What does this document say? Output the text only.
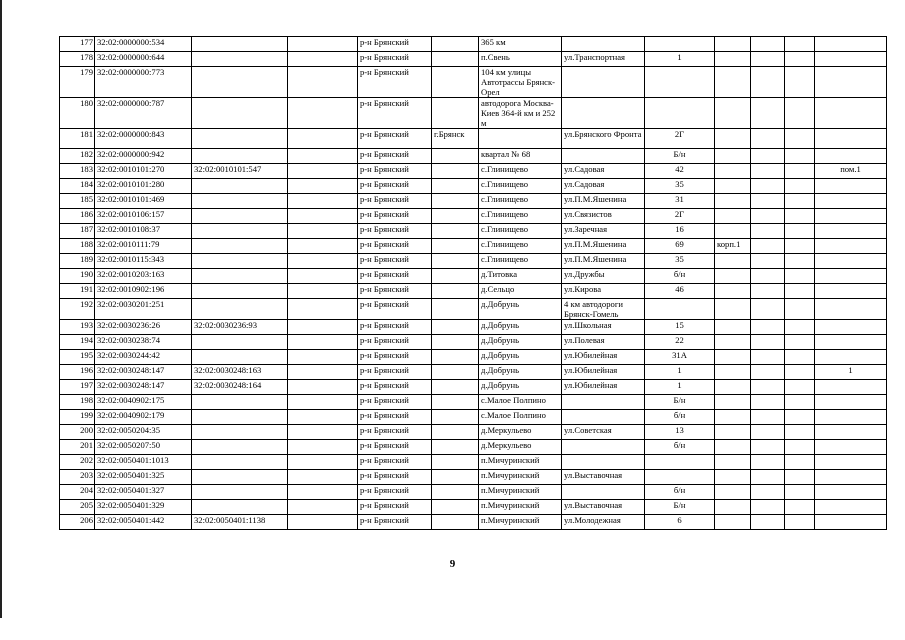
177	32:02:0000000:534			р-н Брянский		365 км						
178	32:02:0000000:644			р-н Брянский		п.Свень	ул.Транспортная	1				
179	32:02:0000000:773			р-н Брянский		104 км улицы Автотрассы Брянск-Орел						
180	32:02:0000000:787			р-н Брянский		автодорога Москва-Киев 364-й км и 252 м						
181	32:02:0000000:843			р-н Брянский	г.Брянск		ул.Брянского Фронта	2Г				
182	32:02:0000000:942			р-н Брянский		квартал № 68		Б/н				
183	32:02:0010101:270	32:02:0010101:547		р-н Брянский		с.Глинищево	ул.Садовая	42				пом.1
184	32:02:0010101:280			р-н Брянский		с.Глинищево	ул.Садовая	35				
185	32:02:0010101:469			р-н Брянский		с.Глинищево	ул.П.М.Яшенина	31				
186	32:02:0010106:157			р-н Брянский		с.Глинищево	ул.Связистов	2Г				
187	32:02:0010108:37			р-н Брянский		с.Глинищево	ул.Заречная	16				
188	32:02:0010111:79			р-н Брянский		с.Глинищево	ул.П.М.Яшенина	69	корп.1			
189	32:02:0010115:343			р-н Брянский		с.Глинищево	ул.П.М.Яшенина	35				
190	32:02:0010203:163			р-н Брянский		д.Титовка	ул.Дружбы	б/н				
191	32:02:0010902:196			р-н Брянский		д.Сельцо	ул.Кирова	46				
192	32:02:0030201:251			р-н Брянский		д.Добрунь	4 км автодороги Брянск-Гомель					
193	32:02:0030236:26	32:02:0030236:93		р-н Брянский		д.Добрунь	ул.Школьная	15				
194	32:02:0030238:74			р-н Брянский		д.Добрунь	ул.Полевая	22				
195	32:02:0030244:42			р-н Брянский		д.Добрунь	ул.Юбилейная	31А				
196	32:02:0030248:147	32:02:0030248:163		р-н Брянский		д.Добрунь	ул.Юбилейная	1				1
197	32:02:0030248:147	32:02:0030248:164		р-н Брянский		д.Добрунь	ул.Юбилейная	1				
198	32:02:0040902:175			р-н Брянский		с.Малое Полпино		Б/н				
199	32:02:0040902:179			р-н Брянский		с.Малое Полпино		б/н				
200	32:02:0050204:35			р-н Брянский		д.Меркульево	ул.Советская	13				
201	32:02:0050207:50			р-н Брянский		д.Меркульево		б/н				
202	32:02:0050401:1013			р-н Брянский		п.Мичуринский						
203	32:02:0050401:325			р-н Брянский		п.Мичуринский	ул.Выставочная					
204	32:02:0050401:327			р-н Брянский		п.Мичуринский		б/н				
205	32:02:0050401:329			р-н Брянский		п.Мичуринский	ул.Выставочная	Б/н				
206	32:02:0050401:442	32:02:0050401:1138		р-н Брянский		п.Мичуринский	ул.Молодежная	6				
9
